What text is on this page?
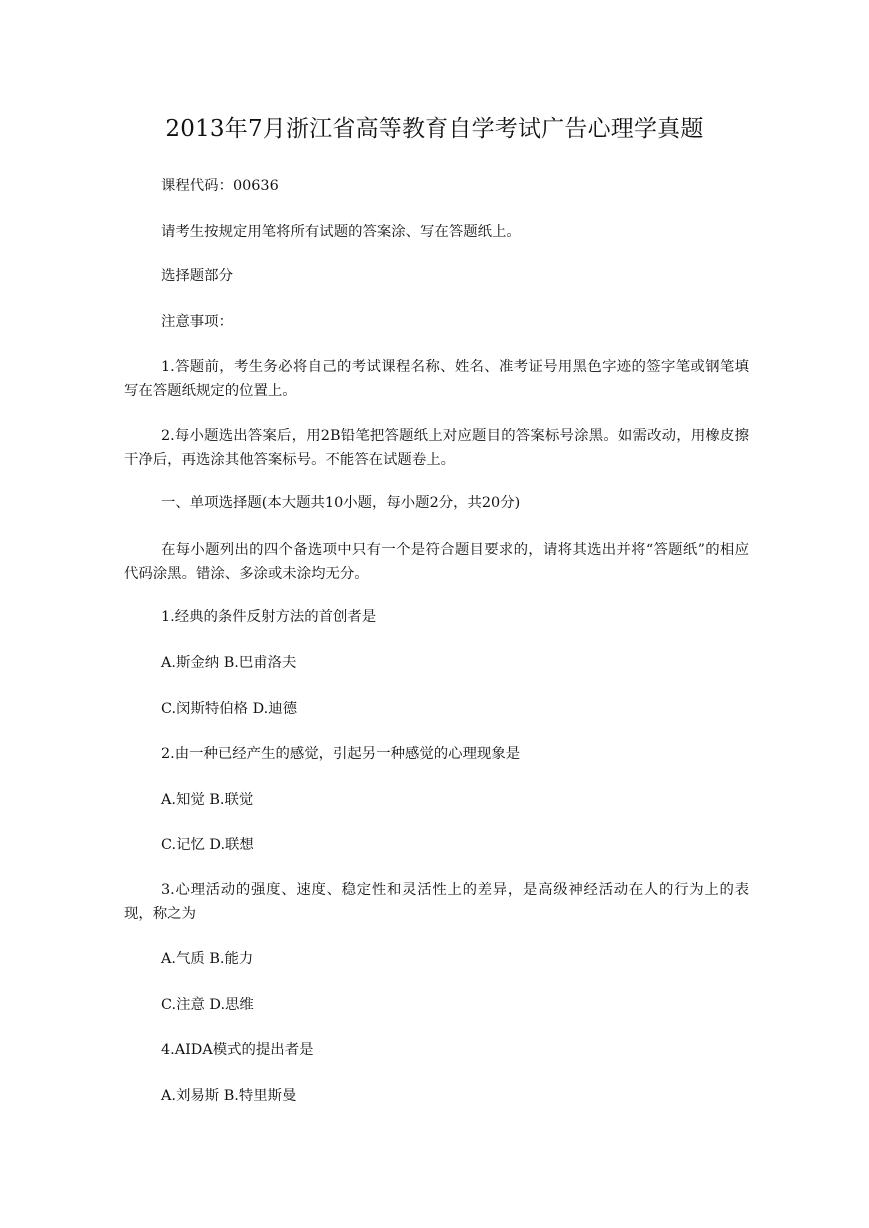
2013年7月浙江省高等教育自学考试广告心理学真题
课程代码：00636
请考生按规定用笔将所有试题的答案涂、写在答题纸上。
选择题部分
注意事项：
1.答题前，考生务必将自己的考试课程名称、姓名、准考证号用黑色字迹的签字笔或钢笔填写在答题纸规定的位置上。
2.每小题选出答案后，用2B铅笔把答题纸上对应题目的答案标号涂黑。如需改动，用橡皮擦干净后，再选涂其他答案标号。不能答在试题卷上。
一、单项选择题(本大题共10小题，每小题2分，共20分)
在每小题列出的四个备选项中只有一个是符合题目要求的，请将其选出并将“答题纸”的相应代码涂黑。错涂、多涂或未涂均无分。
1.经典的条件反射方法的首创者是
A.斯金纳 B.巴甫洛夫
C.闵斯特伯格 D.迪德
2.由一种已经产生的感觉，引起另一种感觉的心理现象是
A.知觉 B.联觉
C.记忆 D.联想
3.心理活动的强度、速度、稳定性和灵活性上的差异，是高级神经活动在人的行为上的表现，称之为
A.气质 B.能力
C.注意 D.思维
4.AIDA模式的提出者是
A.刘易斯 B.特里斯曼
